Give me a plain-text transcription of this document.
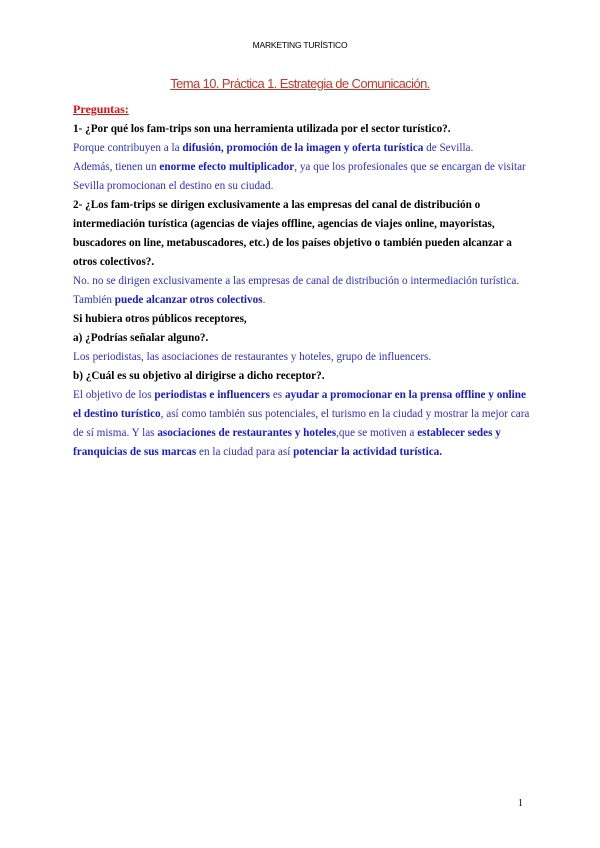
MARKETING TURÍSTICO
Tema 10. Práctica 1. Estrategia de Comunicación.

Preguntas:

1- ¿Por qué los fam-trips son una herramienta utilizada por el sector turístico?.

Porque contribuyen a la difusión, promoción de la imagen y oferta turística de Sevilla.

Además, tienen un enorme efecto multiplicador, ya que los profesionales que se encargan de visitar Sevilla promocionan el destino en su ciudad.

2- ¿Los fam-trips se dirigen exclusivamente a las empresas del canal de distribución o intermediación turística (agencias de viajes offline, agencias de viajes online, mayoristas, buscadores on line, metabuscadores, etc.) de los países objetivo o también pueden alcanzar a otros colectivos?.

No. no se dirigen exclusivamente a las empresas de canal de distribución o intermediación turística. También puede alcanzar otros colectivos.

Si hubiera otros públicos receptores,

a) ¿Podrías señalar alguno?.

Los periodistas, las asociaciones de restaurantes y hoteles, grupo de influencers.

b) ¿Cuál es su objetivo al dirigirse a dicho receptor?.

El objetivo de los periodistas e influencers es ayudar a promocionar en la prensa offline y online el destino turístico, así como también sus potenciales, el turismo en la ciudad y mostrar la mejor cara de sí misma. Y las asociaciones de restaurantes y hoteles,que se motiven a establecer sedes y franquicias de sus marcas en la ciudad para así potenciar la actividad turística.

1
